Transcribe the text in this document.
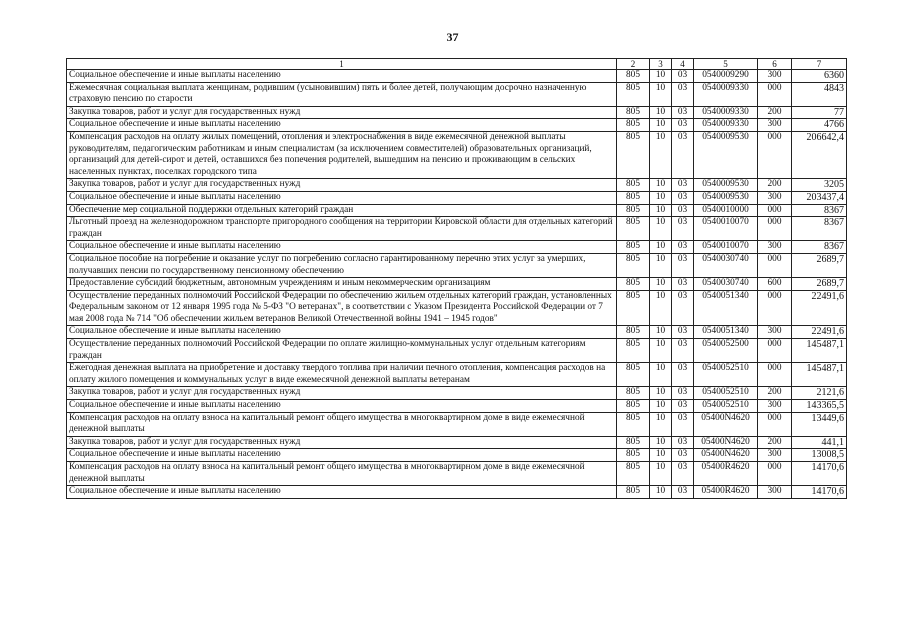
37
1	2	3	4	5	6	7
Социальное обеспечение и иные выплаты населению	805	10	03	0540009290	300	6360
Ежемесячная социальная выплата женщинам, родившим (усыновившим) пять и более детей, получающим досрочно назначенную страховую пенсию по старости	805	10	03	0540009330	000	4843
Закупка товаров, работ и услуг для государственных нужд	805	10	03	0540009330	200	77
Социальное обеспечение и иные выплаты населению	805	10	03	0540009330	300	4766
Компенсация расходов на оплату жилых помещений, отопления и электроснабжения в виде ежемесячной денежной выплаты руководителям, педагогическим работникам и иным специалистам (за исключением совместителей) образовательных организаций, организаций для детей-сирот и детей, оставшихся без попечения родителей, вышедшим на пенсию и проживающим в сельских населенных пунктах, поселках городского типа	805	10	03	0540009530	000	206642,4
Закупка товаров, работ и услуг для государственных нужд	805	10	03	0540009530	200	3205
Социальное обеспечение и иные выплаты населению	805	10	03	0540009530	300	203437,4
Обеспечение мер социальной поддержки отдельных категорий граждан	805	10	03	0540010000	000	8367
Льготный проезд на железнодорожном транспорте пригородного сообщения на территории Кировской области для отдельных категорий граждан	805	10	03	0540010070	000	8367
Социальное обеспечение и иные выплаты населению	805	10	03	0540010070	300	8367
Социальное пособие на погребение и оказание услуг по погребению согласно гарантированному перечню этих услуг за умерших, получавших пенсии по государственному пенсионному обеспечению	805	10	03	0540030740	000	2689,7
Предоставление субсидий бюджетным, автономным учреждениям и иным некоммерческим организациям	805	10	03	0540030740	600	2689,7
Осуществление переданных полномочий Российской Федерации по обеспечению жильем отдельных категорий граждан, установленных Федеральным законом от 12 января 1995 года № 5-ФЗ "О ветеранах", в соответствии с Указом Президента Российской Федерации от 7 мая 2008 года № 714 "Об обеспечении жильем ветеранов Великой Отечественной войны 1941 – 1945 годов"	805	10	03	0540051340	000	22491,6
Социальное обеспечение и иные выплаты населению	805	10	03	0540051340	300	22491,6
Осуществление переданных полномочий Российской Федерации по оплате жилищно-коммунальных услуг отдельным категориям граждан	805	10	03	0540052500	000	145487,1
Ежегодная денежная выплата на приобретение и доставку твердого топлива при наличии печного отопления, компенсация расходов на оплату жилого помещения и коммунальных услуг в виде ежемесячной денежной выплаты ветеранам	805	10	03	0540052510	000	145487,1
Закупка товаров, работ и услуг для государственных нужд	805	10	03	0540052510	200	2121,6
Социальное обеспечение и иные выплаты населению	805	10	03	0540052510	300	143365,5
Компенсация расходов на оплату взноса на капитальный ремонт общего имущества в многоквартирном доме в виде ежемесячной денежной выплаты	805	10	03	05400N4620	000	13449,6
Закупка товаров, работ и услуг для государственных нужд	805	10	03	05400N4620	200	441,1
Социальное обеспечение и иные выплаты населению	805	10	03	05400N4620	300	13008,5
Компенсация расходов на оплату взноса на капитальный ремонт общего имущества в многоквартирном доме в виде ежемесячной денежной выплаты	805	10	03	05400R4620	000	14170,6
Социальное обеспечение и иные выплаты населению	805	10	03	05400R4620	300	14170,6
